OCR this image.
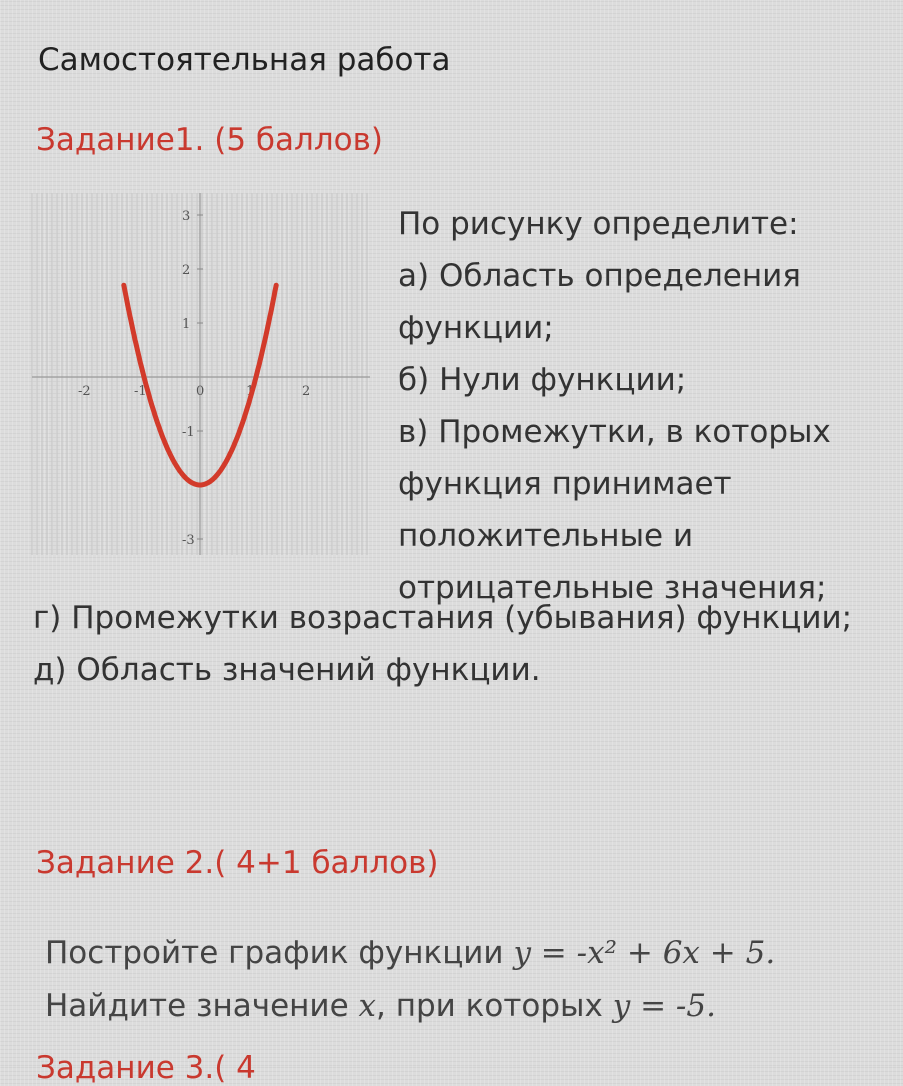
Самостоятельная работа
Задание1. (5 баллов)
-2	-1	0	1	2
3
2
1
-1
-3
По рисунку определите:
а) Область определения
функции;
б) Нули функции;
в) Промежутки, в которых
функция принимает
положительные и
отрицательные значения;
г) Промежутки возрастания (убывания) функции;
д) Область значений функции.
Задание 2.( 4+1 баллов)
Постройте график функции y = -x² + 6x + 5.
Найдите значение x, при которых y = -5.
Задание 3.( 4
